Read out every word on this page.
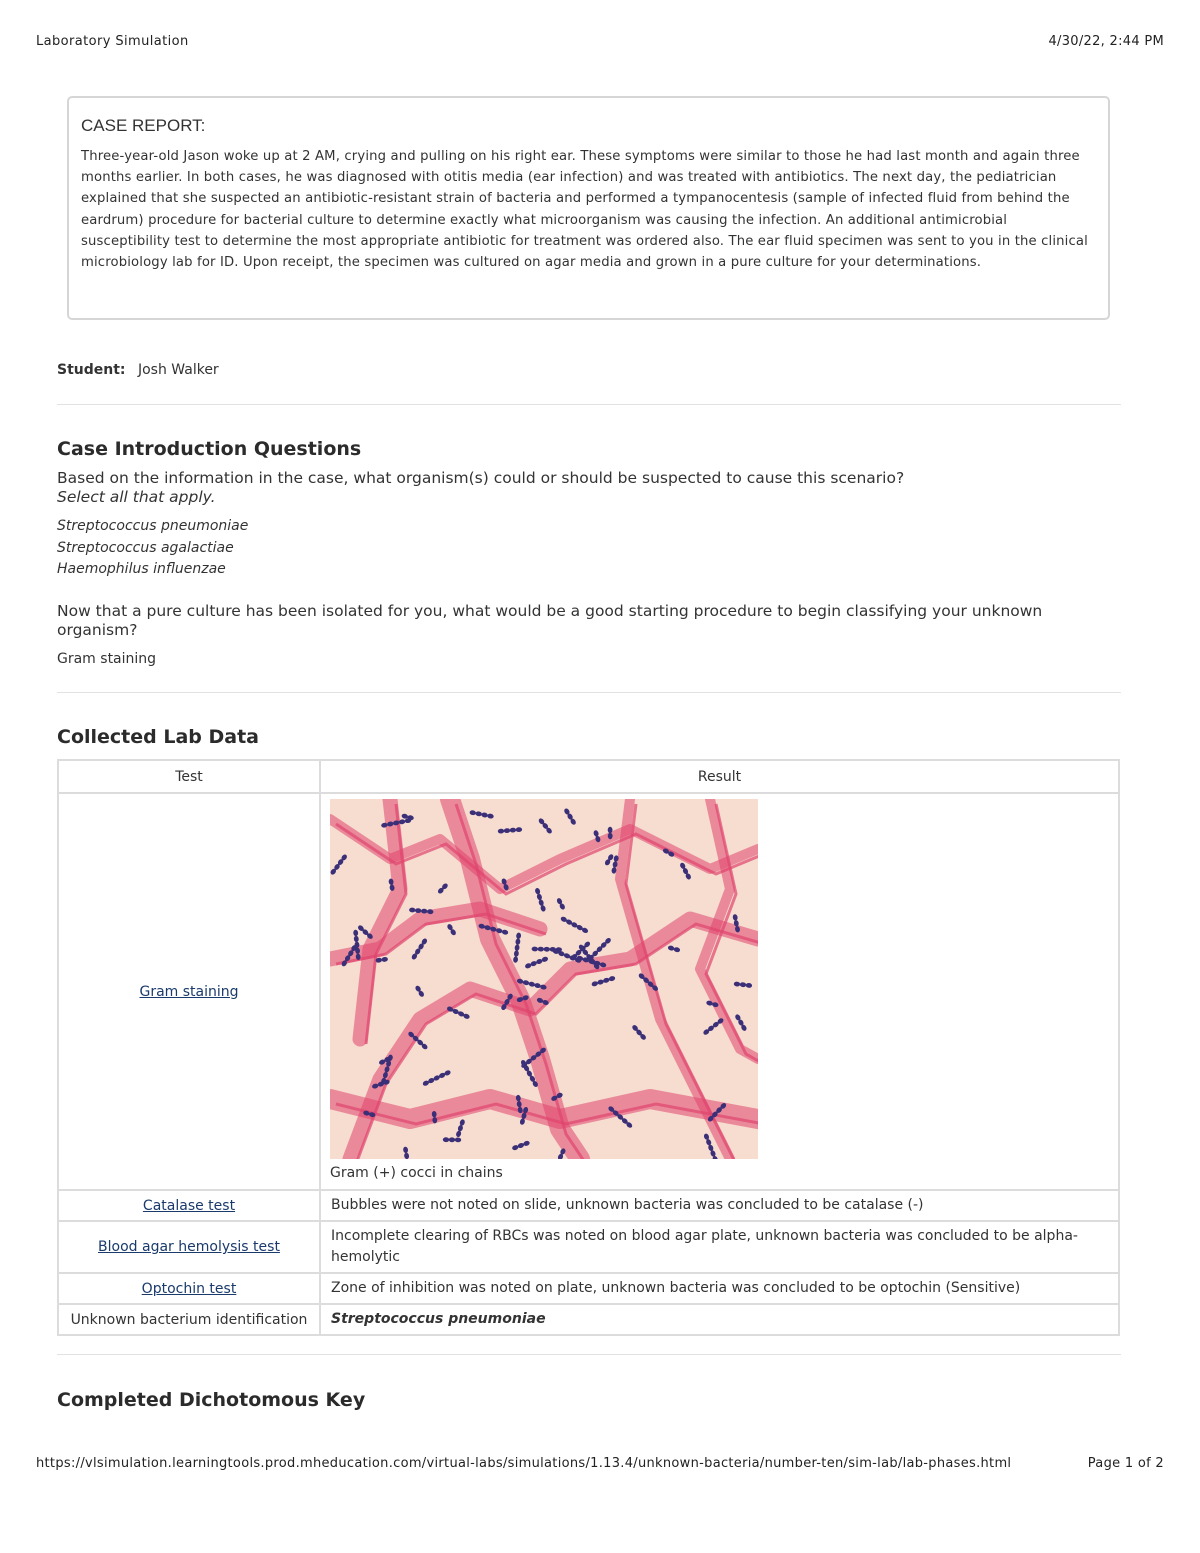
Laboratory Simulation	4/30/22, 2:44 PM
CASE REPORT:
Three-year-old Jason woke up at 2 AM, crying and pulling on his right ear. These symptoms were similar to those he had last month and again three months earlier. In both cases, he was diagnosed with otitis media (ear infection) and was treated with antibiotics. The next day, the pediatrician explained that she suspected an antibiotic-resistant strain of bacteria and performed a tympanocentesis (sample of infected fluid from behind the eardrum) procedure for bacterial culture to determine exactly what microorganism was causing the infection. An additional antimicrobial susceptibility test to determine the most appropriate antibiotic for treatment was ordered also. The ear fluid specimen was sent to you in the clinical microbiology lab for ID. Upon receipt, the specimen was cultured on agar media and grown in a pure culture for your determinations.
Student: Josh Walker
Case Introduction Questions
Based on the information in the case, what organism(s) could or should be suspected to cause this scenario?
Select all that apply.
Streptococcus pneumoniae
Streptococcus agalactiae
Haemophilus influenzae
Now that a pure culture has been isolated for you, what would be a good starting procedure to begin classifying your unknown organism?
Gram staining
Collected Lab Data
Test	Result
Gram staining	Gram (+) cocci in chains
Catalase test	Bubbles were not noted on slide, unknown bacteria was concluded to be catalase (-)
Blood agar hemolysis test	Incomplete clearing of RBCs was noted on blood agar plate, unknown bacteria was concluded to be alpha-hemolytic
Optochin test	Zone of inhibition was noted on plate, unknown bacteria was concluded to be optochin (Sensitive)
Unknown bacterium identification	Streptococcus pneumoniae
Completed Dichotomous Key
https://vlsimulation.learningtools.prod.mheducation.com/virtual-labs/simulations/1.13.4/unknown-bacteria/number-ten/sim-lab/lab-phases.html	Page 1 of 2
